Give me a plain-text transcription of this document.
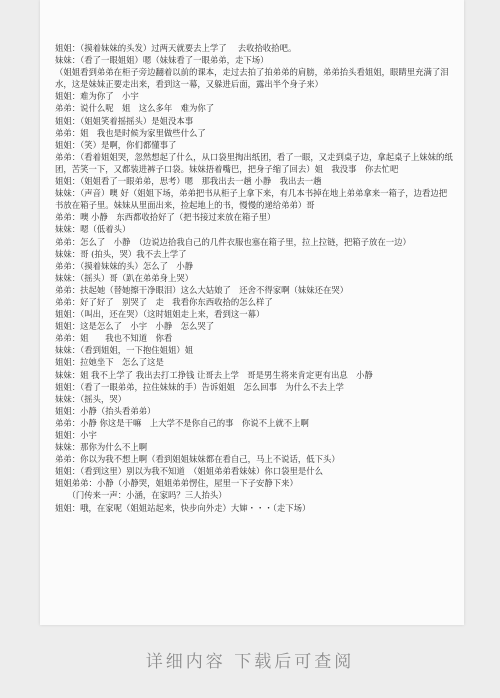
姐姐：（摸着妹妹的头发）过两天就要去上学了　 去收拾收拾吧。

妹妹：（看了一眼姐姐）嗯（妹妹看了一眼弟弟，走下场）

（姐姐看到弟弟在柜子旁边翻着以前的课本，走过去拍了拍弟弟的肩膀，弟弟抬头看姐姐，眼睛里充满了泪水，这是妹妹正要走出来，看到这一幕，又躲进后面，露出半个身子来）

姐姐：难为你了　小宇

弟弟：说什么呢　姐　这么多年　难为你了

姐姐：（姐姐笑着摇摇头）是姐没本事

弟弟：姐　我也是时候为家里做些什么了

姐姐：（笑）是啊，你们都懂事了

弟弟：（看着姐姐哭，忽然想起了什么，从口袋里掏出纸团，看了一眼，又走到桌子边，拿起桌子上妹妹的纸团，苦笑一下，又都装进裤子口袋。妹妹捂着嘴巴，把身子缩了回去）姐　我没事　你去忙吧

姐姐：（姐姐看了一眼弟弟，思考）嗯　那我出去一趟 小静　我出去一趟

妹妹：（声音）噢 好（姐姐下场，弟弟把书从柜子上拿下来，有几本书掉在地上弟弟拿来一箱子，边看边把书放在箱子里。妹妹从里面出来，捡起地上的书，慢慢的递给弟弟）哥

弟弟：噢 小静　东西都收拾好了（把书接过来放在箱子里）

妹妹：嗯（低着头）

弟弟：怎么了　小静　（边说边拾我自己的几件衣服也塞在箱子里，拉上拉链，把箱子放在一边）

妹妹：哥 (拍头，哭）我不去上学了

弟弟：（摸着妹妹的头）怎么了　小静

妹妹：（摇头）哥（趴在弟弟身上哭）

弟弟：扶起她（替她擦干净眼泪）这么大姑娘了　还舍不得家啊（妹妹还在哭）

弟弟：好了好了　别哭了　走　我看你东西收拾的怎么样了

姐姐：（叫出，还在哭）（这时姐姐走上来，看到这一幕）

姐姐：这是怎么了　小宇　小静　怎么哭了

弟弟：姐　　我也不知道　你看

妹妹：（看到姐姐，一下抱住姐姐）姐

姐姐：拉她坐下　怎么了这是

妹妹：姐 我不上学了 我出去打工挣钱 让哥去上学　哥是男生将来肯定更有出息　小静

姐姐：（看了一眼弟弟，拉住妹妹的手）告诉姐姐　怎么回事　为什么不去上学

妹妹：（摇头，哭）

姐姐：小静（抬头看弟弟）

弟弟：小静 你这是干嘛　上大学不是你自己的事　你说不上就不上啊

姐姐：小宇

妹妹：那你为什么不上啊

弟弟：你以为我不想上啊（看到姐姐妹妹都在看自己，马上不说话，低下头）

姐姐：（看到这里）别以为我不知道　（姐姐弟弟看妹妹）你口袋里是什么

姐姐弟弟：小静（小静哭，姐姐弟弟愣住，屋里一下子安静下来）

　　（门传来一声：小涵，在家吗？三人抬头）

姐姐：哦，在家呢（姐姐站起来，快步向外走）大婶・・・（走下场）

详细内容 下载后可查阅
